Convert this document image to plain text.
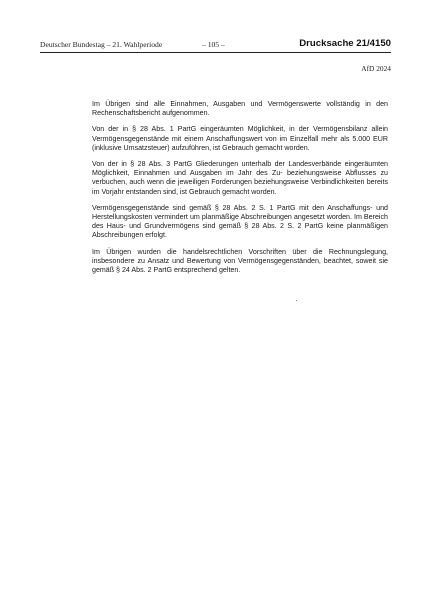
Deutscher Bundestag – 21. Wahlperiode	– 105 –	Drucksache 21/4150
AfD 2024

Im Übrigen sind alle Einnahmen, Ausgaben und Vermögenswerte vollständig in den Rechenschaftsbericht aufgenommen.

Von der in § 28 Abs. 1 PartG eingeräumten Möglichkeit, in der Vermögensbilanz allein Vermögensgegenstände mit einem Anschaffungswert von im Einzelfall mehr als 5.000 EUR (inklusive Umsatzsteuer) aufzuführen, ist Gebrauch gemacht worden.

Von der in § 28 Abs. 3 PartG Gliederungen unterhalb der Landesverbände eingeräumten Möglichkeit, Einnahmen und Ausgaben im Jahr des Zu- beziehungsweise Abflusses zu verbuchen, auch wenn die jeweiligen Forderungen beziehungsweise Verbindlichkeiten bereits im Vorjahr entstanden sind, ist Gebrauch gemacht worden.

Vermögensgegenstände sind gemäß § 28 Abs. 2 S. 1 PartG mit den Anschaffungs- und Herstellungskosten vermindert um planmäßige Abschreibungen angesetzt worden. Im Bereich des Haus- und Grundvermögens sind gemäß § 28 Abs. 2 S. 2 PartG keine planmäßigen Abschreibungen erfolgt.

Im Übrigen wurden die handelsrechtlichen Vorschriften über die Rechnungslegung, insbesondere zu Ansatz und Bewertung von Vermögensgegenständen, beachtet, soweit sie gemäß § 24 Abs. 2 PartG entsprechend gelten.
